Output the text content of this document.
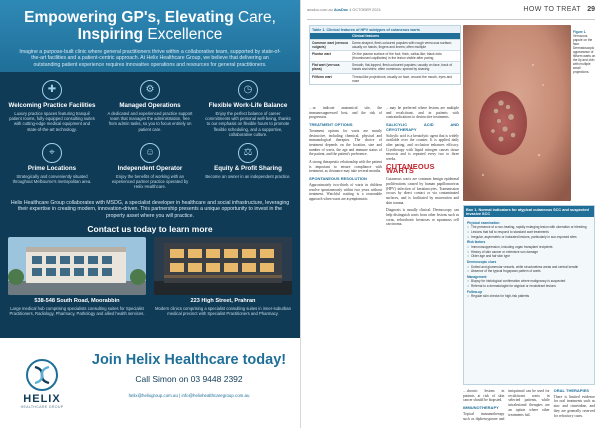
Empowering GP's, Elevating Care,
Inspiring Excellence

Imagine a purpose-built clinic where general practitioners thrive within a collaborative team, supported by state-of-the-art facilities and a patient-centric approach. At Helix Healthcare Group, we believe that delivering an outstanding patient experience requires innovative operations and resources for general practitioners.

✚
Welcoming Practice Facilities
Luxury practice spaces featuring tranquil patient rooms, fully equipped consulting suites with cutting-edge medical equipment and state-of-the-art technology.
⚙
Managed Operations
A dedicated and experienced practice support team that manages the administration, free from admin tasks, so you to focus entirely on patient care.
◷
Flexible Work-Life Balance
Enjoy the perfect balance of career commitments with personal well-being, thanks to our emphasis on flexible hours to promote flexible scheduling, and a supportive, collaborative culture.
⌖
Prime Locations
Strategically and conveniently situated throughout Melbourne's metropolitan area.
☺
Independent Operator
Enjoy the benefits of working with an experienced partner practice operated by Helix Healthcare.
⚖
Equity & Profit Sharing
Become an owner in an independent practice.

Helix Healthcare Group collaborates with MSDG, a specialist developer in healthcare and social infrastructure, leveraging their expertise in creating modern, innovation-driven. This partnership presents a unique opportunity to invest in the property asset where you will practice.

Contact us today to learn more
538-548 South Road, Moorabbin
Large medical hub comprising specialists consulting suites for Specialist Practitioners, Radiology, Pharmacy, Pathology and allied health services.
223 High Street, Prahran
Modern clinics comprising a specialist consulting suites in inner-suburban medical precinct with Specialist Practitioners and Pharmacy.
HELIX
HEALTHCARE GROUP
Join Helix Healthcare today!
Call Simon on 03 9448 2392
helix@helixgroup.com.au | info@helixhealthcaregroup.com.au
ausdoc.com.au AusDoc 4 OCTOBER 2024	HOW TO TREAT 29
Table 1. Clinical features of HPV subtypes of cutaneous warts
Clinical features
Common wart (verruca vulgaris)
Dome-shaped, flesh-coloured papules with rough verrucous surface; usually on hands, fingers and knees; often multiple
Plantar wart	On the plantar surface of the foot; thick, callus-like; black dots (thrombosed capillaries) in the lesion visible after paring
Flat wart (verruca plana)
Smooth, flat-topped, flesh-coloured papules; usually on face, back of hands and shins; often numerous; spread by shaving
Filiform wart	Thread-like projections; usually on face, around the mouth, eyes and nose

…or indicate anatomical site, the immunosuppressed host, and the risk of progression.

TREATMENT OPTIONS

Treatment options for warts are mostly destructive, including chemical, physical and immunological therapies. The choice of treatment depends on the location, size and number of warts, the age and immune status of the patient, and the patient's preference.

A strong therapeutic relationship with the patient is important to ensure compliance with treatment, as clearance may take several months.

SPONTANEOUS RESOLUTION

Approximately two-thirds of warts in children resolve spontaneously within two years without treatment. Watchful waiting is a reasonable approach when warts are asymptomatic.

…may be preferred where lesions are multiple and recalcitrant, and in patients with contraindications to destructive treatments.

SALICYLIC ACID AND CRYOTHERAPY

Salicylic acid is a keratolytic agent that is widely available over the counter. It is applied daily after paring, and occlusion enhances efficacy. Cryotherapy with liquid nitrogen causes tissue necrosis and is repeated every two to three weeks.

CUTANEOUS WARTS

Cutaneous warts are common benign epidermal proliferations caused by human papillomavirus (HPV) infection of keratinocytes. Transmission occurs by direct contact or via contaminated surfaces, and is facilitated by maceration and skin trauma.

Diagnosis is usually clinical. Dermoscopy can help distinguish warts from other lesions such as corns, seborrhoeic keratoses or squamous cell carcinoma.

Figure 1. Verrucous papule on the face. Dermatoscopic appearance of filiform warts on the lip and chin with multiple small projections.
Box 1. Normal indicators for atypical cutaneous SCC and suspected invasive SCC
Physical examination
• The presence of a non-healing, rapidly enlarging lesion with ulceration or bleeding
• Lesions that fail to respond to standard wart treatments
• Irregular, asymmetric or indurated lesions, particularly in sun-exposed sites
Risk factors
• Immunosuppression, including organ transplant recipients
• History of skin cancer or extensive sun damage
• Older age and fair skin type
Dermoscopic clues
• Dotted and glomerular vessels, white structureless areas and central keratin
• Absence of the typical frogspawn pattern of warts
Management
• Biopsy for histological confirmation where malignancy is suspected
• Referral to a dermatologist for atypical or recalcitrant lesions
Follow-up
• Regular skin checks for high-risk patients

…chronic lesions in patients at risk of skin cancer should be biopsied.

IMMUNOTHERAPY

Topical immunotherapy such as diphencyprone and imiquimod can be used for recalcitrant warts in selected patients, while intralesional therapies are an option where other treatments fail.

ORAL THERAPIES

There is limited evidence for oral treatments such as zinc and cimetidine, and they are generally reserved for refractory cases.
